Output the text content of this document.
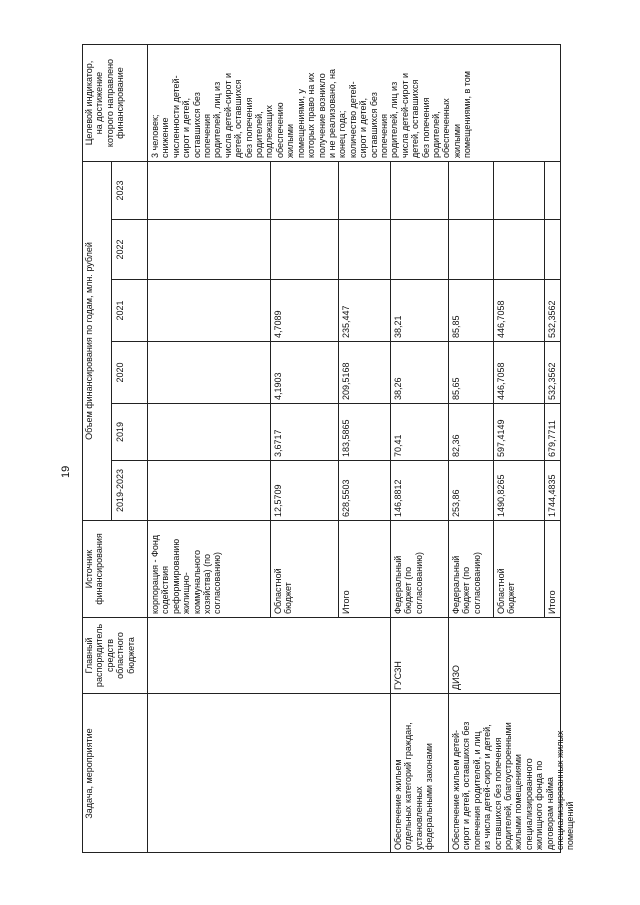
19
Задача, мероприятие
Главный
распорядитель
средств
областного
бюджета
Источник
финансирования
Объем финансирования по годам, млн. рублей
Целевой индикатор,
на достижение
которого направлено
финансирование
2019-2023
2019
2020
2021
2022
2023
корпорация - Фонд
содействия
реформированию
жилищно-
коммунального
хозяйства) (по
согласованию)	Областной
бюджет
12,5709
3,6717
4,1903
4,7089
Итого
628,5503
183,5865
209,5168
235,447
Обеспечение жильем
отдельных категорий граждан,
установленных
федеральными законами
ГУСЗН
Федеральный
бюджет (по
согласованию)
146,8812
70,41
38,26
38,21
Обеспечение жильем детей-
сирот и детей, оставшихся без
попечения родителей, и лиц
из числа детей-сирот и детей,
оставшихся без попечения
родителей, благоустроенными
жилыми помещениями
специализированного
жилищного фонда по
договорам найма
специализированных жилых
помещений
ДИЗО
Федеральный
бюджет (по
согласованию)
253,86
82,36
85,65
85,85
Областной
бюджет
1490,8265
597,4149
446,7058
446,7058
Итого
1744,4835
679,7711
532,3562
532,3562
3 человек;
снижение
численности детей-
сирот и детей,
оставшихся без
попечения
родителей, лиц из
числа детей-сирот и
детей, оставшихся
без попечения
родителей,
подлежащих
обеспечению
жилыми
помещениями, у
которых право на их
получение возникло
и не реализовано, на
конец года;
количество детей-
сирот и детей,
оставшихся без
попечения
родителей, лиц из
числа детей-сирот и
детей, оставшихся
без попечения
родителей,
обеспеченных
жилыми
помещениями, в том
